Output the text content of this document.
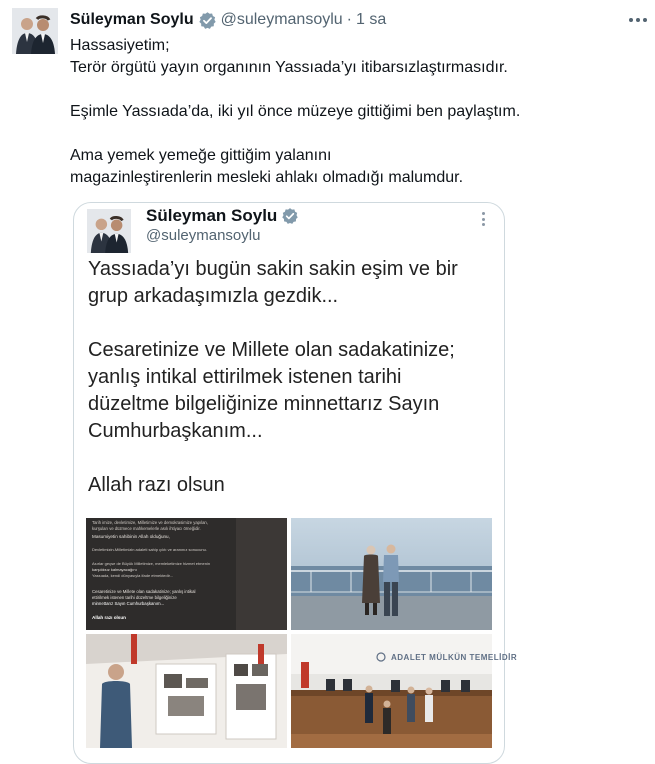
Süleyman Soylu @suleymansoylu · 1 sa

Hassasiyetim;

Terör örgütü yayın organının Yassıada’yı itibarsızlaştırmasıdır.

Eşimle Yassıada’da, iki yıl önce müzeye gittiğimi ben paylaştım.

Ama yemek yemeğe gittiğim yalanını

magazinleştirenlerin mesleki ahlakı olmadığı malumdur.

Süleyman Soylu
@suleymansoylu

Yassıada’yı bugün sakin sakin eşim ve bir

grup arkadaşımızla gezdik...

Cesaretinize ve Millete olan sadakatinize;

yanlış intikal ettirilmek istenen tarihi

düzeltme bilgeliğinize minnettarız Sayın

Cumhurbaşkanım...

Allah razı olsun

Tarih imize, devletimize, Milletimize ve demokrasimize yapılan,
kurşuları ve düzmece mahkemelerle asılı ihtiyacı örneğidir.
Masumiyetin sahibinin Allah olduğunu,
Devletimizin-Milletimizin adaleti sahip çıktı ve aranınız sonucunu.
Asırlar geçse de Büyük Milletimize, memleketimize hizmet etmenin
karşılıksız kalmayacağını
Yassıada, kendi dünyasıyla ifade etmektedir...
Cesaretinize ve Millete olan sadakatinize; yanlış intikal
ettirilmek istenen tarihi düzeltme bilgeliğinize
minnettarız Sayın Cumhurbaşkanım...
Allah razı olsun
ADALET MÜLKÜN TEMELİDİR
